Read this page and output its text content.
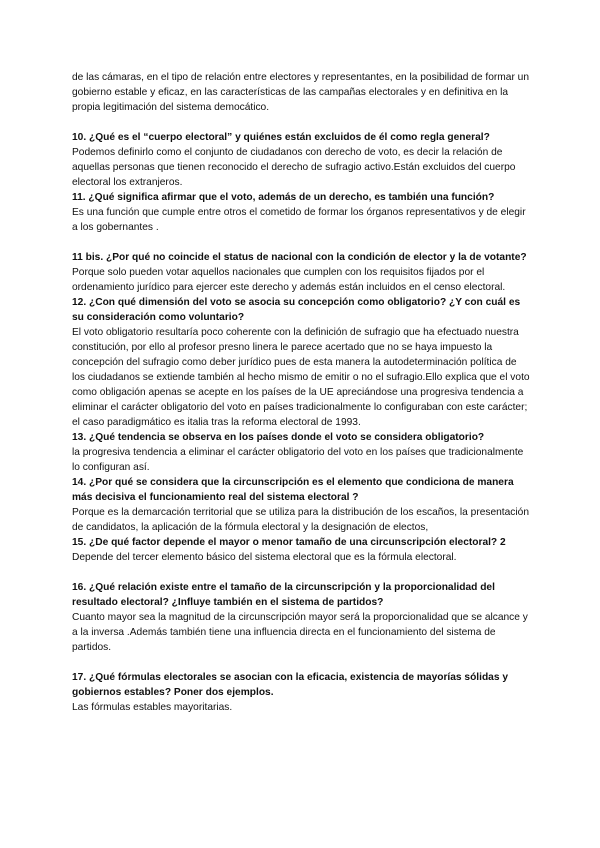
de las cámaras, en el tipo de relación entre electores y representantes, en la posibilidad de formar un gobierno estable y eficaz, en las características de las campañas electorales y en definitiva en la propia legitimación del sistema democático.

10. ¿Qué es el “cuerpo electoral” y quiénes están excluidos de él como regla general?

Podemos definirlo como el conjunto de ciudadanos con derecho de voto, es decir la relación de aquellas personas que tienen reconocido el derecho de sufragio activo.Están excluidos del cuerpo electoral los extranjeros.

11. ¿Qué significa afirmar que el voto, además de un derecho, es también una función?

Es una función que cumple entre otros el cometido de formar los órganos representativos y de elegir a los gobernantes .

11 bis. ¿Por qué no coincide el status de nacional con la condición de elector y la de votante?

Porque solo pueden votar aquellos nacionales que cumplen con los requisitos fijados por el ordenamiento jurídico para ejercer este derecho y además están incluidos en el censo electoral.

12. ¿Con qué dimensión del voto se asocia su concepción como obligatorio? ¿Y con cuál es su consideración como voluntario?

El voto obligatorio resultaría poco coherente con la definición de sufragio que ha efectuado nuestra constitución, por ello al profesor presno linera le parece acertado que no se haya impuesto la concepción del sufragio como deber jurídico pues de esta manera la autodeterminación política de los ciudadanos se extiende también al hecho mismo de emitir o no el sufragio.Ello explica que el voto como obligación apenas se acepte en los países de la UE apreciándose una progresiva tendencia a eliminar el carácter obligatorio del voto en países tradicionalmente lo configuraban con este carácter; el caso paradigmático es italia tras la reforma electoral de 1993.

13. ¿Qué tendencia se observa en los países donde el voto se considera obligatorio?

la progresiva tendencia a eliminar el carácter obligatorio del voto en los países que tradicionalmente lo configuran así.

14. ¿Por qué se considera que la circunscripción es el elemento que condiciona de manera más decisiva el funcionamiento real del sistema electoral ?

Porque es la demarcación territorial que se utiliza para la distribución de los escaños, la presentación de candidatos, la aplicación de la fórmula electoral y la designación de electos,

15. ¿De qué factor depende el mayor o menor tamaño de una circunscripción electoral? 2

Depende del tercer elemento básico del sistema electoral que es la fórmula electoral.

16. ¿Qué relación existe entre el tamaño de la circunscripción y la proporcionalidad del resultado electoral? ¿Influye también en el sistema de partidos?

Cuanto mayor sea la magnitud de la circunscripción mayor será la proporcionalidad que se alcance y a la inversa .Además también tiene una influencia directa en el funcionamiento del sistema de partidos.

17. ¿Qué fórmulas electorales se asocian con la eficacia, existencia de mayorías sólidas y gobiernos estables? Poner dos ejemplos.

Las fórmulas estables mayoritarias.
